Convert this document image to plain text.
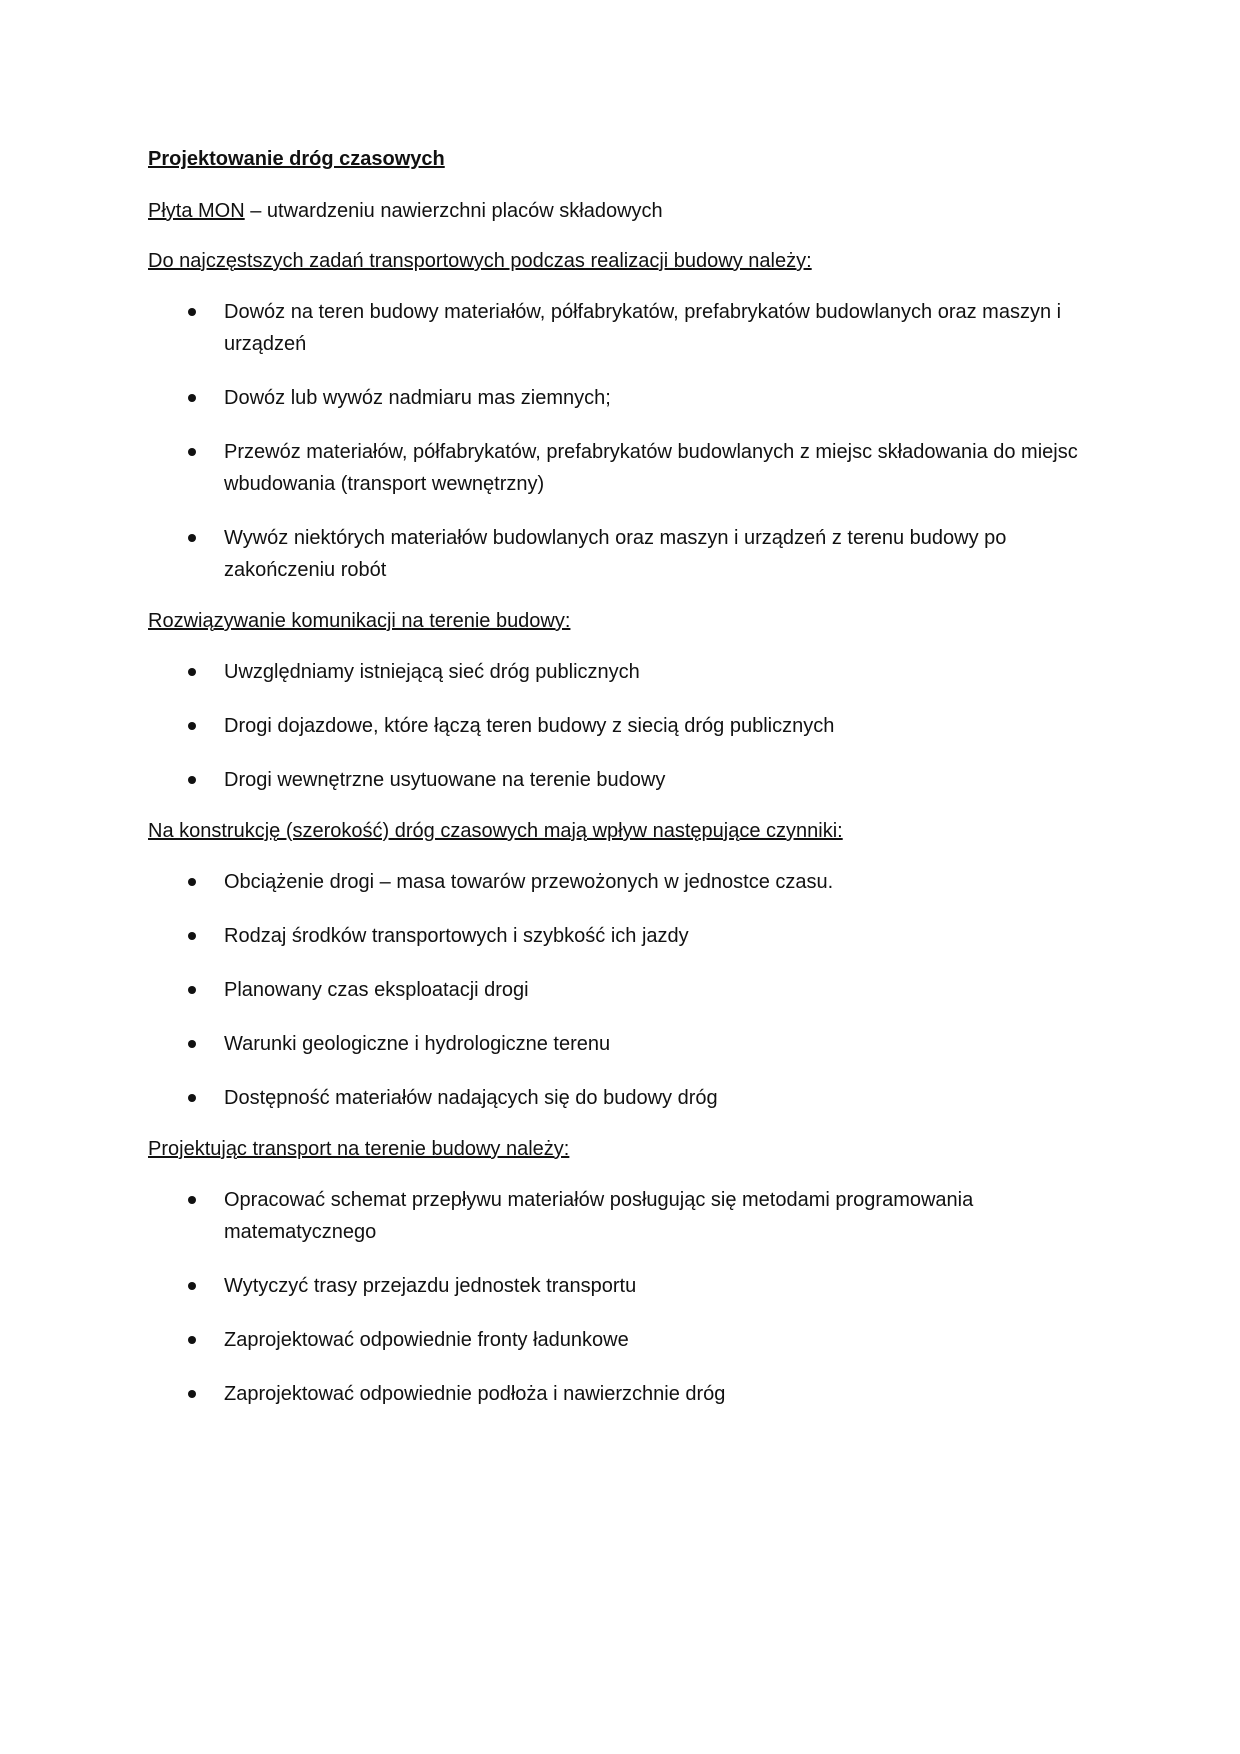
Projektowanie dróg czasowych
Płyta MON – utwardzeniu nawierzchni placów składowych
Do najczęstszych zadań transportowych podczas realizacji budowy należy:
Dowóz na teren budowy materiałów, półfabrykatów, prefabrykatów budowlanych oraz maszyn i urządzeń
Dowóz lub wywóz nadmiaru mas ziemnych;
Przewóz materiałów, półfabrykatów, prefabrykatów budowlanych z miejsc składowania do miejsc wbudowania (transport wewnętrzny)
Wywóz niektórych materiałów budowlanych oraz maszyn i urządzeń z terenu budowy po zakończeniu robót
Rozwiązywanie komunikacji na terenie budowy:
Uwzględniamy istniejącą sieć dróg publicznych
Drogi dojazdowe, które łączą teren budowy z siecią dróg publicznych
Drogi wewnętrzne usytuowane na terenie budowy
Na konstrukcję (szerokość) dróg czasowych mają wpływ następujące czynniki:
Obciążenie drogi – masa towarów przewożonych w jednostce czasu.
Rodzaj środków transportowych i szybkość ich jazdy
Planowany czas eksploatacji drogi
Warunki geologiczne i hydrologiczne terenu
Dostępność materiałów nadających się do budowy dróg
Projektując transport na terenie budowy należy:
Opracować schemat przepływu materiałów posługując się metodami programowania matematycznego
Wytyczyć trasy przejazdu jednostek transportu
Zaprojektować odpowiednie fronty ładunkowe
Zaprojektować odpowiednie podłoża i nawierzchnie dróg
